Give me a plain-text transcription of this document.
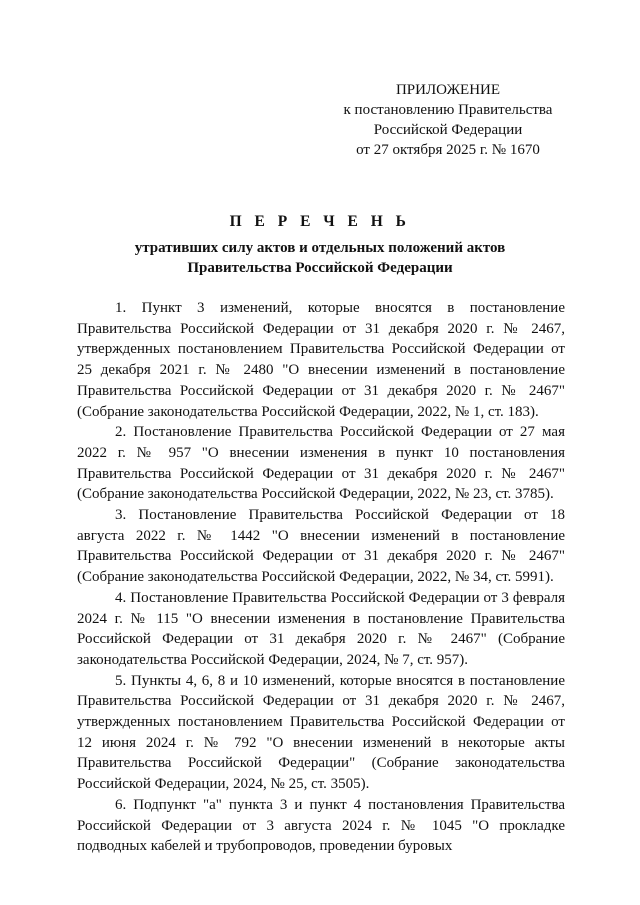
ПРИЛОЖЕНИЕ
к постановлению Правительства
Российской Федерации
от 27 октября 2025 г. № 1670
П Е Р Е Ч Е Н Ь
утративших силу актов и отдельных положений актов
Правительства Российской Федерации

1. Пункт 3 изменений, которые вносятся в постановление Правительства Российской Федерации от 31 декабря 2020 г. № 2467, утвержденных постановлением Правительства Российской Федерации от 25 декабря 2021 г. № 2480 "О внесении изменений в постановление Правительства Российской Федерации от 31 декабря 2020 г. № 2467" (Собрание законодательства Российской Федерации, 2022, № 1, ст. 183).

2. Постановление Правительства Российской Федерации от 27 мая 2022 г. № 957 "О внесении изменения в пункт 10 постановления Правительства Российской Федерации от 31 декабря 2020 г. № 2467" (Собрание законодательства Российской Федерации, 2022, № 23, ст. 3785).

3. Постановление Правительства Российской Федерации от 18 августа 2022 г. № 1442 "О внесении изменений в постановление Правительства Российской Федерации от 31 декабря 2020 г. № 2467" (Собрание законодательства Российской Федерации, 2022, № 34, ст. 5991).

4. Постановление Правительства Российской Федерации от 3 февраля 2024 г. № 115 "О внесении изменения в постановление Правительства Российской Федерации от 31 декабря 2020 г. № 2467" (Собрание законодательства Российской Федерации, 2024, № 7, ст. 957).

5. Пункты 4, 6, 8 и 10 изменений, которые вносятся в постановление Правительства Российской Федерации от 31 декабря 2020 г. № 2467, утвержденных постановлением Правительства Российской Федерации от 12 июня 2024 г. № 792 "О внесении изменений в некоторые акты Правительства Российской Федерации" (Собрание законодательства Российской Федерации, 2024, № 25, ст. 3505).

6. Подпункт "а" пункта 3 и пункт 4 постановления Правительства Российской Федерации от 3 августа 2024 г. № 1045 "О прокладке подводных кабелей и трубопроводов, проведении буровых
